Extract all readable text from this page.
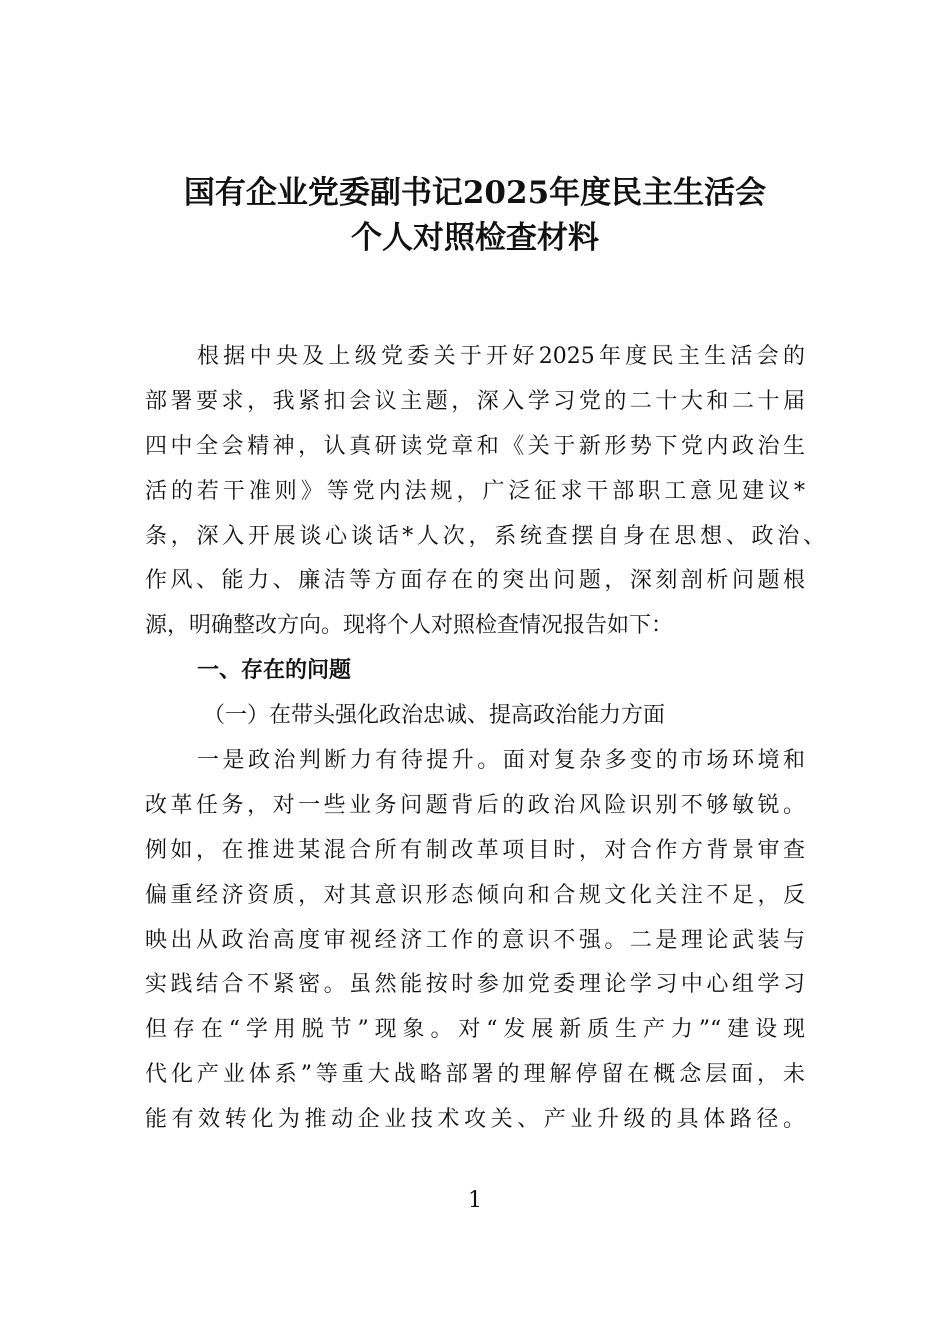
国有企业党委副书记2025年度民主生活会
个人对照检查材料
根据中央及上级党委关于开好2025年度民主生活会的
部署要求，我紧扣会议主题，深入学习党的二十大和二十届
四中全会精神，认真研读党章和《关于新形势下党内政治生
活的若干准则》等党内法规，广泛征求干部职工意见建议*
条，深入开展谈心谈话*人次，系统查摆自身在思想、政治、
作风、能力、廉洁等方面存在的突出问题，深刻剖析问题根
源，明确整改方向。现将个人对照检查情况报告如下：
一、存在的问题
（一）在带头强化政治忠诚、提高政治能力方面
一是政治判断力有待提升。面对复杂多变的市场环境和
改革任务，对一些业务问题背后的政治风险识别不够敏锐。
例如，在推进某混合所有制改革项目时，对合作方背景审查
偏重经济资质，对其意识形态倾向和合规文化关注不足，反
映出从政治高度审视经济工作的意识不强。二是理论武装与
实践结合不紧密。虽然能按时参加党委理论学习中心组学习
但存在“学用脱节”现象。对“发展新质生产力”“建设现
代化产业体系”等重大战略部署的理解停留在概念层面，未
能有效转化为推动企业技术攻关、产业升级的具体路径。
1
